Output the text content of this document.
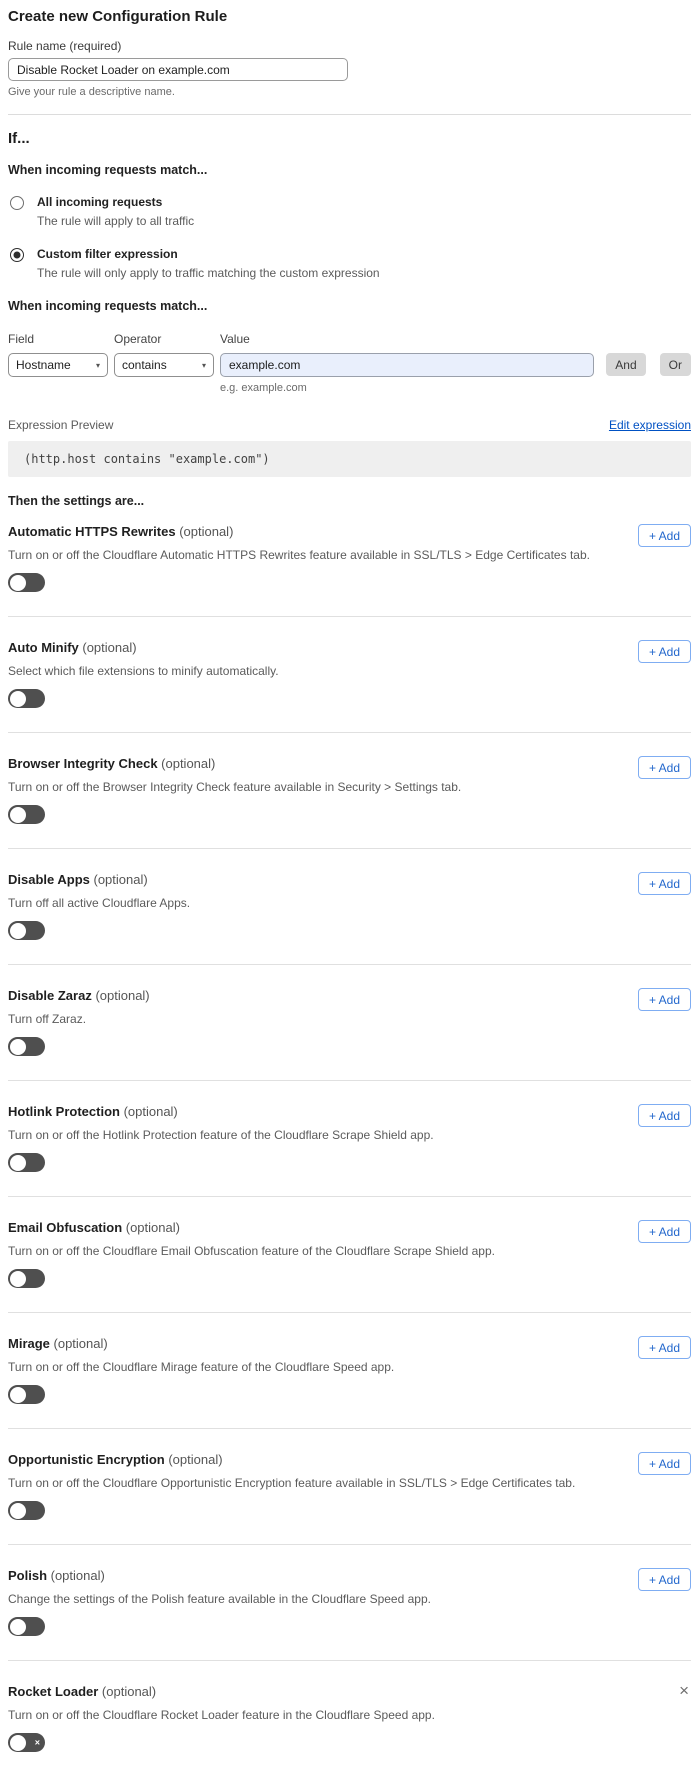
Create new Configuration Rule
Rule name (required)
Disable Rocket Loader on example.com
Give your rule a descriptive name.
If...
When incoming requests match...
All incoming requests
The rule will apply to all traffic
Custom filter expression
The rule will only apply to traffic matching the custom expression
When incoming requests match...
Field
Hostname	▾
Operator
contains	▾
Value
example.com
e.g. example.com
And	Or
Expression Preview	Edit expression
(http.host contains "example.com")
Then the settings are...
Automatic HTTPS Rewrites (optional)
Turn on or off the Cloudflare Automatic HTTPS Rewrites feature available in SSL/TLS > Edge Certificates tab.
+ Add
Auto Minify (optional)
Select which file extensions to minify automatically.
+ Add
Browser Integrity Check (optional)
Turn on or off the Browser Integrity Check feature available in Security > Settings tab.
+ Add
Disable Apps (optional)
Turn off all active Cloudflare Apps.
+ Add
Disable Zaraz (optional)
Turn off Zaraz.
+ Add
Hotlink Protection (optional)
Turn on or off the Hotlink Protection feature of the Cloudflare Scrape Shield app.
+ Add
Email Obfuscation (optional)
Turn on or off the Cloudflare Email Obfuscation feature of the Cloudflare Scrape Shield app.
+ Add
Mirage (optional)
Turn on or off the Cloudflare Mirage feature of the Cloudflare Speed app.
+ Add
Opportunistic Encryption (optional)
Turn on or off the Cloudflare Opportunistic Encryption feature available in SSL/TLS > Edge Certificates tab.
+ Add
Polish (optional)
Change the settings of the Polish feature available in the Cloudflare Speed app.
+ Add
Rocket Loader (optional)
Turn on or off the Cloudflare Rocket Loader feature in the Cloudflare Speed app.
×
×
